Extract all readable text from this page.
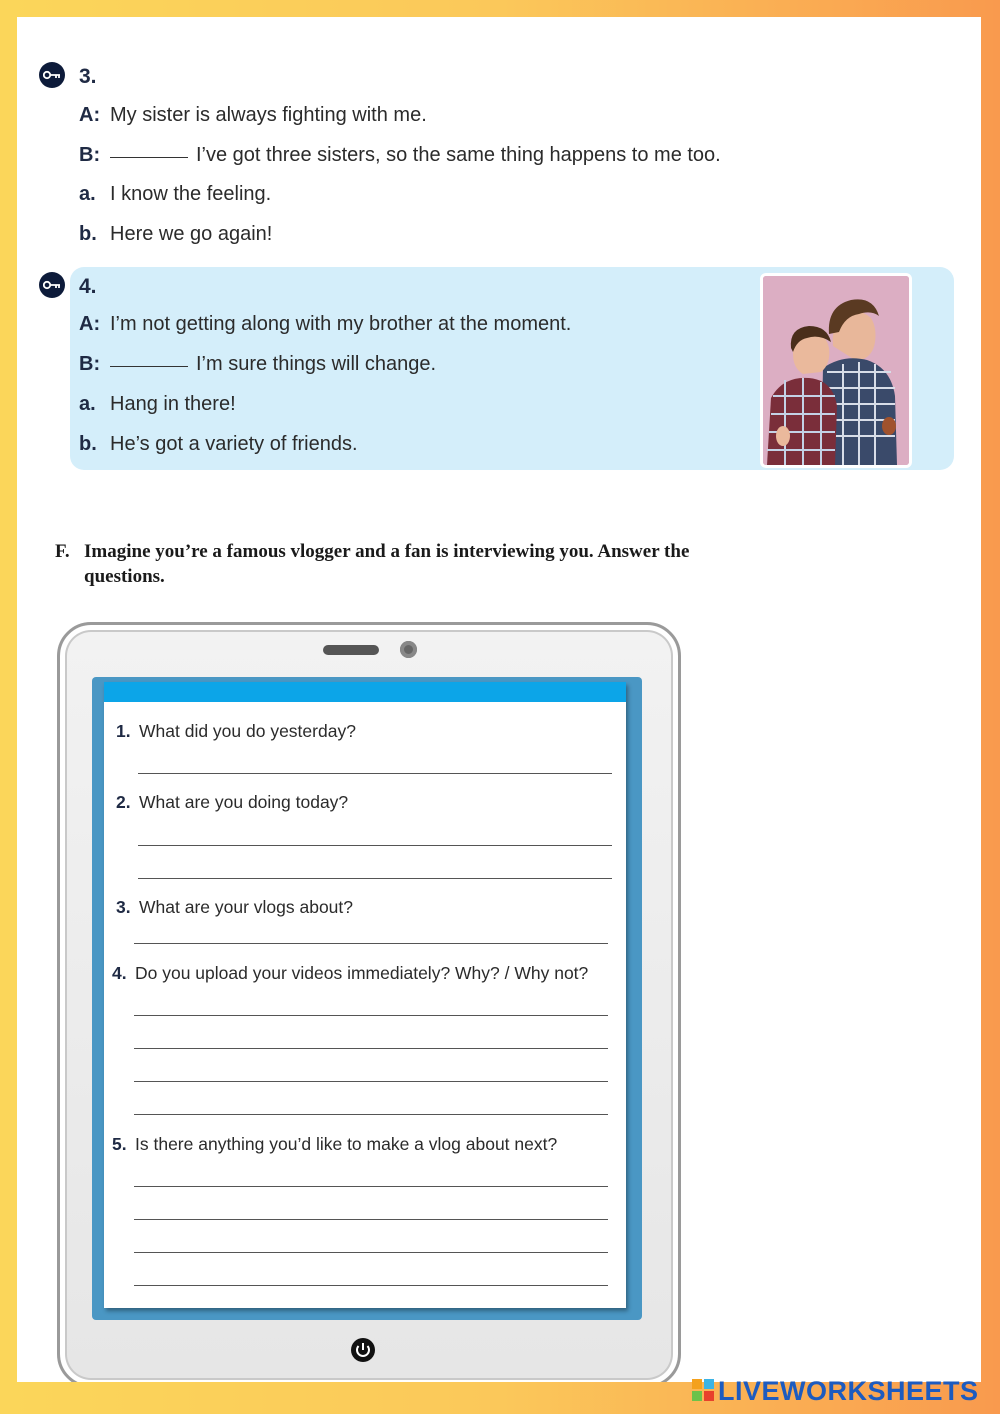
3.
A: My sister is always fighting with me.
B:	I’ve got three sisters, so the same thing happens to me too.
a. I know the feeling.
b. Here we go again!
4.
A: I’m not getting along with my brother at the moment.
B:	I’m sure things will change.
a. Hang in there!
b. He’s got a variety of friends.
F. Imagine you’re a famous vlogger and a fan is interviewing you. Answer the questions.
1. What did you do yesterday?
2. What are you doing today?
3. What are your vlogs about?
4. Do you upload your videos immediately? Why? / Why not?
5. Is there anything you’d like to make a vlog about next?
LIVEWORKSHEETS
